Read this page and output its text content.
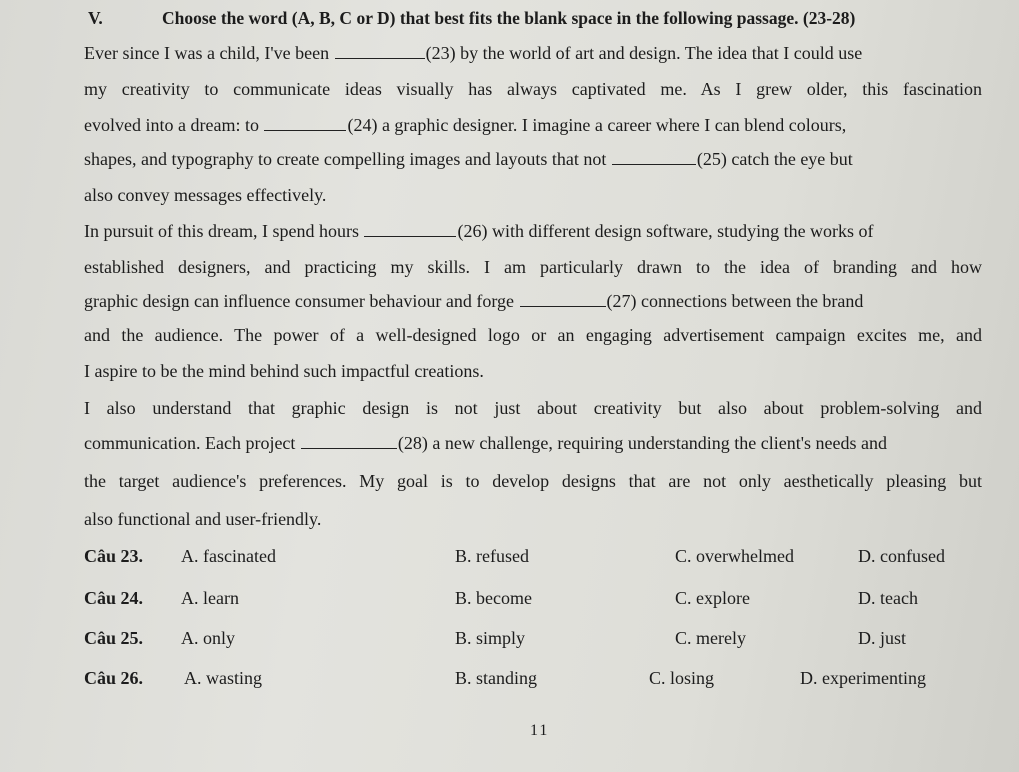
V.	Choose the word (A, B, C or D) that best fits the blank space in the following passage. (23-28)
Ever since I was a child, I've been	(23) by the world of art and design. The idea that I could use
my creativity to communicate ideas visually has always captivated me. As I grew older, this fascination
evolved into a dream: to	(24) a graphic designer. I imagine a career where I can blend colours,
shapes, and typography to create compelling images and layouts that not	(25) catch the eye but
also convey messages effectively.
In pursuit of this dream, I spend hours	(26) with different design software, studying the works of
established designers, and practicing my skills. I am particularly drawn to the idea of branding and how
graphic design can influence consumer behaviour and forge	(27) connections between the brand
and the audience. The power of a well-designed logo or an engaging advertisement campaign excites me, and
I aspire to be the mind behind such impactful creations.
I also understand that graphic design is not just about creativity but also about problem-solving and
communication. Each project	(28) a new challenge, requiring understanding the client's needs and
the target audience's preferences. My goal is to develop designs that are not only aesthetically pleasing but
also functional and user-friendly.
Câu 23. A. fascinated	B. refused	C. overwhelmed	D. confused
Câu 24. A. learn	B. become	C. explore	D. teach
Câu 25. A. only	B. simply	C. merely	D. just
Câu 26. A. wasting	B. standing	C. losing	D. experimenting
11
